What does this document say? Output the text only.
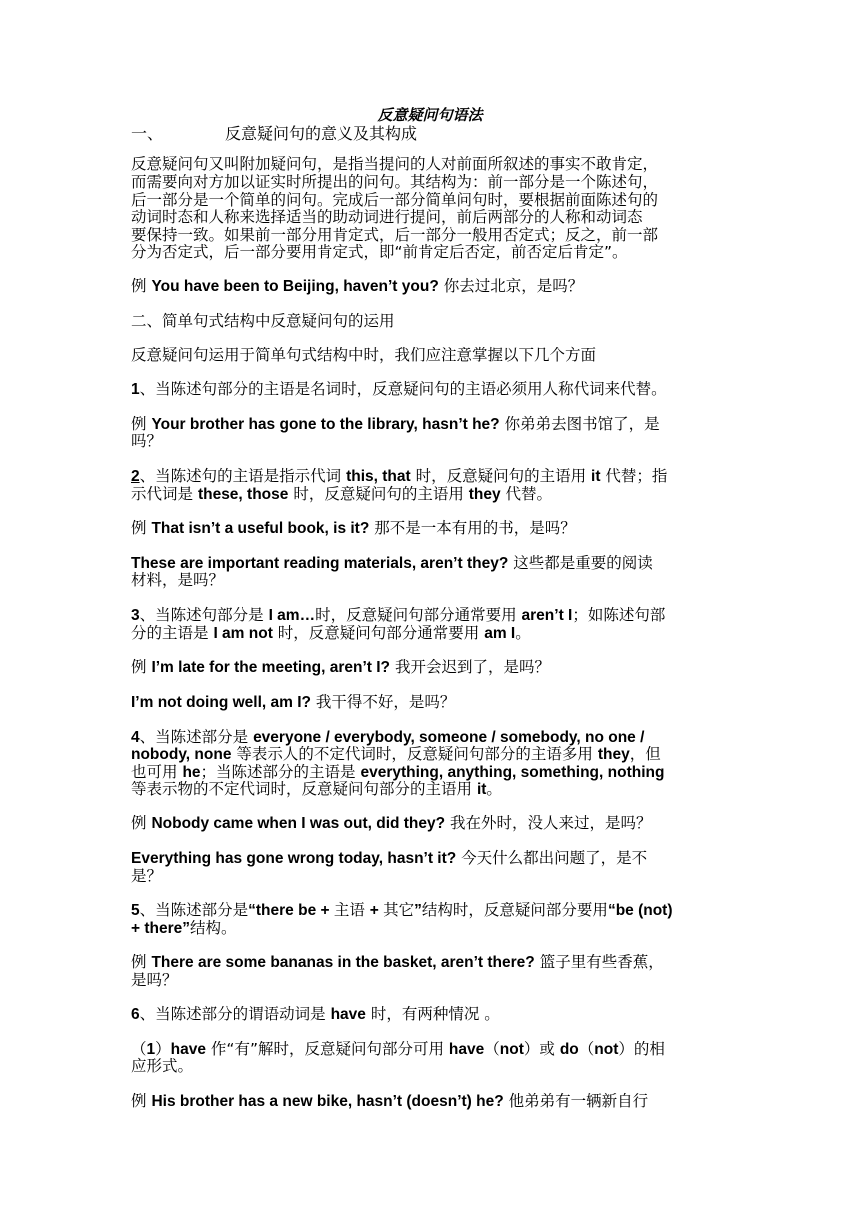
反意疑问句语法
一、	反意疑问句的意义及其构成
反意疑问句又叫附加疑问句，是指当提问的人对前面所叙述的事实不敢肯定，
而需要向对方加以证实时所提出的问句。其结构为：前一部分是一个陈述句，
后一部分是一个简单的问句。完成后一部分简单问句时，要根据前面陈述句的
动词时态和人称来选择适当的助动词进行提问，前后两部分的人称和动词态
要保持一致。如果前一部分用肯定式，后一部分一般用否定式；反之，前一部
分为否定式，后一部分要用肯定式，即“前肯定后否定，前否定后肯定”。
例 You have been to Beijing, haven’t you? 你去过北京，是吗？
二、简单句式结构中反意疑问句的运用
反意疑问句运用于简单句式结构中时，我们应注意掌握以下几个方面
1、当陈述句部分的主语是名词时，反意疑问句的主语必须用人称代词来代替。
例 Your brother has gone to the library, hasn’t he? 你弟弟去图书馆了，是
吗？
2、当陈述句的主语是指示代词 this, that 时，反意疑问句的主语用 it 代替；指
示代词是 these, those 时，反意疑问句的主语用 they 代替。
例 That isn’t a useful book, is it? 那不是一本有用的书，是吗？
These are important reading materials, aren’t they? 这些都是重要的阅读
材料，是吗？
3、当陈述句部分是 I am…时，反意疑问句部分通常要用 aren’t I；如陈述句部
分的主语是 I am not 时，反意疑问句部分通常要用 am I。
例 I’m late for the meeting, aren’t I? 我开会迟到了，是吗？
I’m not doing well, am I? 我干得不好，是吗？
4、当陈述部分是 everyone / everybody, someone / somebody, no one /
nobody, none 等表示人的不定代词时，反意疑问句部分的主语多用 they，但
也可用 he；当陈述部分的主语是 everything, anything, something, nothing
等表示物的不定代词时，反意疑问句部分的主语用 it。
例 Nobody came when I was out, did they? 我在外时，没人来过，是吗？
Everything has gone wrong today, hasn’t it? 今天什么都出问题了，是不
是？
5、当陈述部分是“there be + 主语 + 其它”结构时，反意疑问部分要用“be (not)
+ there”结构。
例 There are some bananas in the basket, aren’t there? 篮子里有些香蕉，
是吗？
6、当陈述部分的谓语动词是 have 时，有两种情况 。
（1）have 作“有”解时，反意疑问句部分可用 have（not）或 do（not）的相
应形式。
例 His brother has a new bike, hasn’t (doesn’t) he? 他弟弟有一辆新自行
